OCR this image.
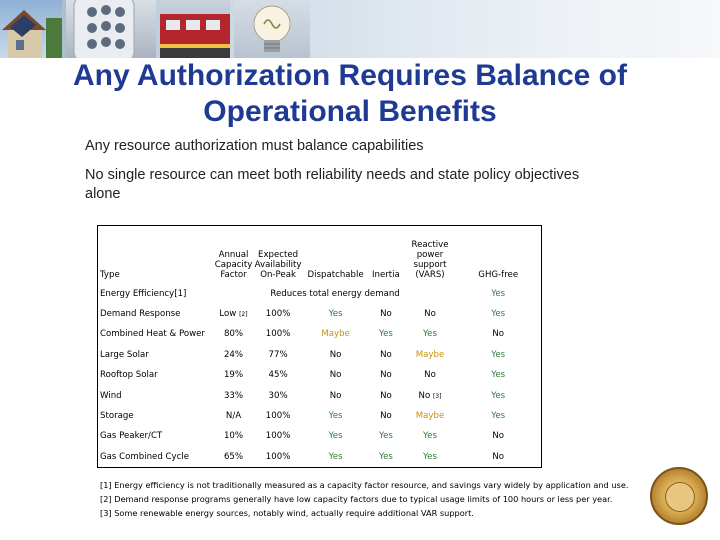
Any Authorization Requires Balance of Operational Benefits
Any resource authorization must balance capabilities
No single resource can meet both reliability needs and state policy objectives alone
Type	Annual Capacity Factor	Expected Availability On-Peak	Dispatchable	Inertia	Reactive power support (VARS)	GHG-free
Energy Efficiency[1]	Reduces total energy demand					Yes
Demand Response	Low [2]	100%	Yes	No	No	Yes
Combined Heat & Power	80%	100%	Maybe	Yes	Yes	No
Large Solar	24%	77%	No	No	Maybe	Yes
Rooftop Solar	19%	45%	No	No	No	Yes
Wind	33%	30%	No	No	No [3]	Yes
Storage	N/A	100%	Yes	No	Maybe	Yes
Gas Peaker/CT	10%	100%	Yes	Yes	Yes	No
Gas Combined Cycle	65%	100%	Yes	Yes	Yes	No
[1] Energy efficiency is not traditionally measured as a capacity factor resource, and savings vary widely by application and use.
[2] Demand response programs generally have low capacity factors due to typical usage limits of 100 hours or less per year.
[3] Some renewable energy sources, notably wind, actually require additional VAR support.
